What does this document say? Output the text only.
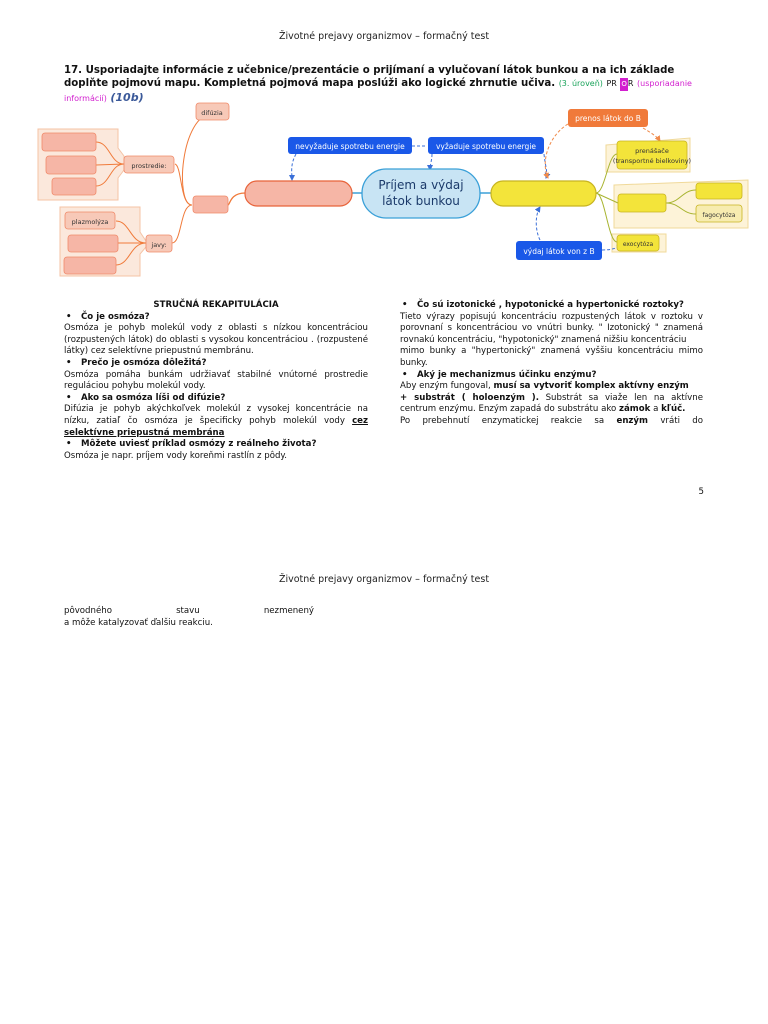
Životné prejavy organizmov – formačný test
17. Usporiadajte informácie z učebnice/prezentácie o prijímaní a vylučovaní látok bunkou a na ich základe doplňte pojmovú mapu. Kompletná pojmová mapa poslúži ako logické zhrnutie učiva. (3. úroveň) PR OR (usporiadanie informácií) (10b)
Príjem a výdaj
látok bunkou
nevyžaduje spotrebu energie	vyžaduje spotrebu energie
prenos látok do B
výdaj látok von z B
difúzia
prostredie:
plazmolýza
javy:
prenášače
(transportné bielkoviny)
fagocytóza
exocytóza

STRUČNÁ REKAPITULÁCIA

• Čo je osmóza?

Osmóza je pohyb molekúl vody z oblasti s nízkou koncentráciou (rozpustených látok) do oblasti s vysokou koncentráciou . (rozpustené látky) cez selektívne priepustnú membránu.

• Prečo je osmóza dôležitá?

Osmóza pomáha bunkám udržiavať stabilné vnútorné prostredie reguláciou pohybu molekúl vody.

• Ako sa osmóza líši od difúzie?

Difúzia je pohyb akýchkoľvek molekúl z vysokej koncentrácie na nízku, zatiaľ čo osmóza je špecificky pohyb molekúl vody cez selektívne priepustná membrána

• Môžete uviesť príklad osmózy z reálneho života?

Osmóza je napr. príjem vody koreňmi rastlín z pôdy.

• Čo sú izotonické , hypotonické a hypertonické roztoky?

Tieto výrazy popisujú koncentráciu rozpustených látok v roztoku v porovnaní s koncentráciou vo vnútri bunky. " Izotonický " znamená rovnakú koncentráciu, "hypotonický" znamená nižšiu koncentráciu

mimo bunky a "hypertonický" znamená vyššiu koncentráciu mimo bunky.

• Aký je mechanizmus účinku enzýmu?

Aby enzým fungoval, musí sa vytvoriť komplex aktívny enzým

+ substrát ( holoenzým ). Substrát sa viaže len na aktívne centrum enzýmu. Enzým zapadá do substrátu ako zámok a kľúč.

Po prebehnutí enzymatickej reakcie sa enzým vráti do

5
Životné prejavy organizmov – formačný test

pôvodného	stavu	nezmenený

a môže katalyzovať ďalšiu reakciu.
